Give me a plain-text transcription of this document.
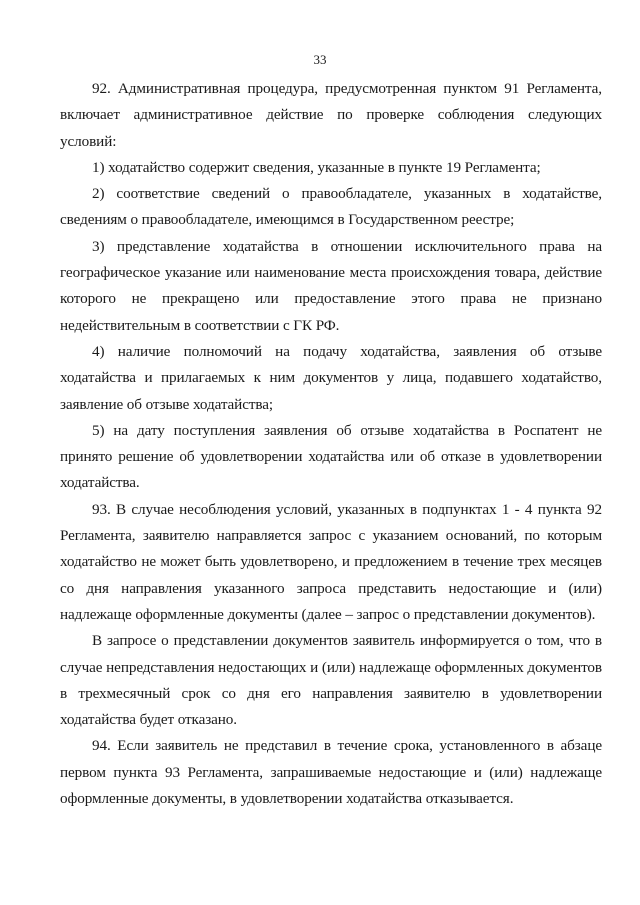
33

92. Административная процедура, предусмотренная пунктом 91 Регламента, включает административное действие по проверке соблюдения следующих условий:

1) ходатайство содержит сведения, указанные в пункте 19 Регламента;

2) соответствие сведений о правообладателе, указанных в ходатайстве, сведениям о правообладателе, имеющимся в Государственном реестре;

3) представление ходатайства в отношении исключительного права на географическое указание или наименование места происхождения товара, действие которого не прекращено или предоставление этого права не признано недействительным в соответствии с ГК РФ.

4) наличие полномочий на подачу ходатайства, заявления об отзыве ходатайства и прилагаемых к ним документов у лица, подавшего ходатайство, заявление об отзыве ходатайства;

5) на дату поступления заявления об отзыве ходатайства в Роспатент не принято решение об удовлетворении ходатайства или об отказе в удовлетворении ходатайства.

93. В случае несоблюдения условий, указанных в подпунктах 1 - 4 пункта 92 Регламента, заявителю направляется запрос с указанием оснований, по которым ходатайство не может быть удовлетворено, и предложением в течение трех месяцев со дня направления указанного запроса представить недостающие и (или) надлежаще оформленные документы (далее – запрос о представлении документов).

В запросе о представлении документов заявитель информируется о том, что в случае непредставления недостающих и (или) надлежаще оформленных документов в трехмесячный срок со дня его направления заявителю в удовлетворении ходатайства будет отказано.

94. Если заявитель не представил в течение срока, установленного в абзаце первом пункта 93 Регламента, запрашиваемые недостающие и (или) надлежаще оформленные документы, в удовлетворении ходатайства отказывается.
